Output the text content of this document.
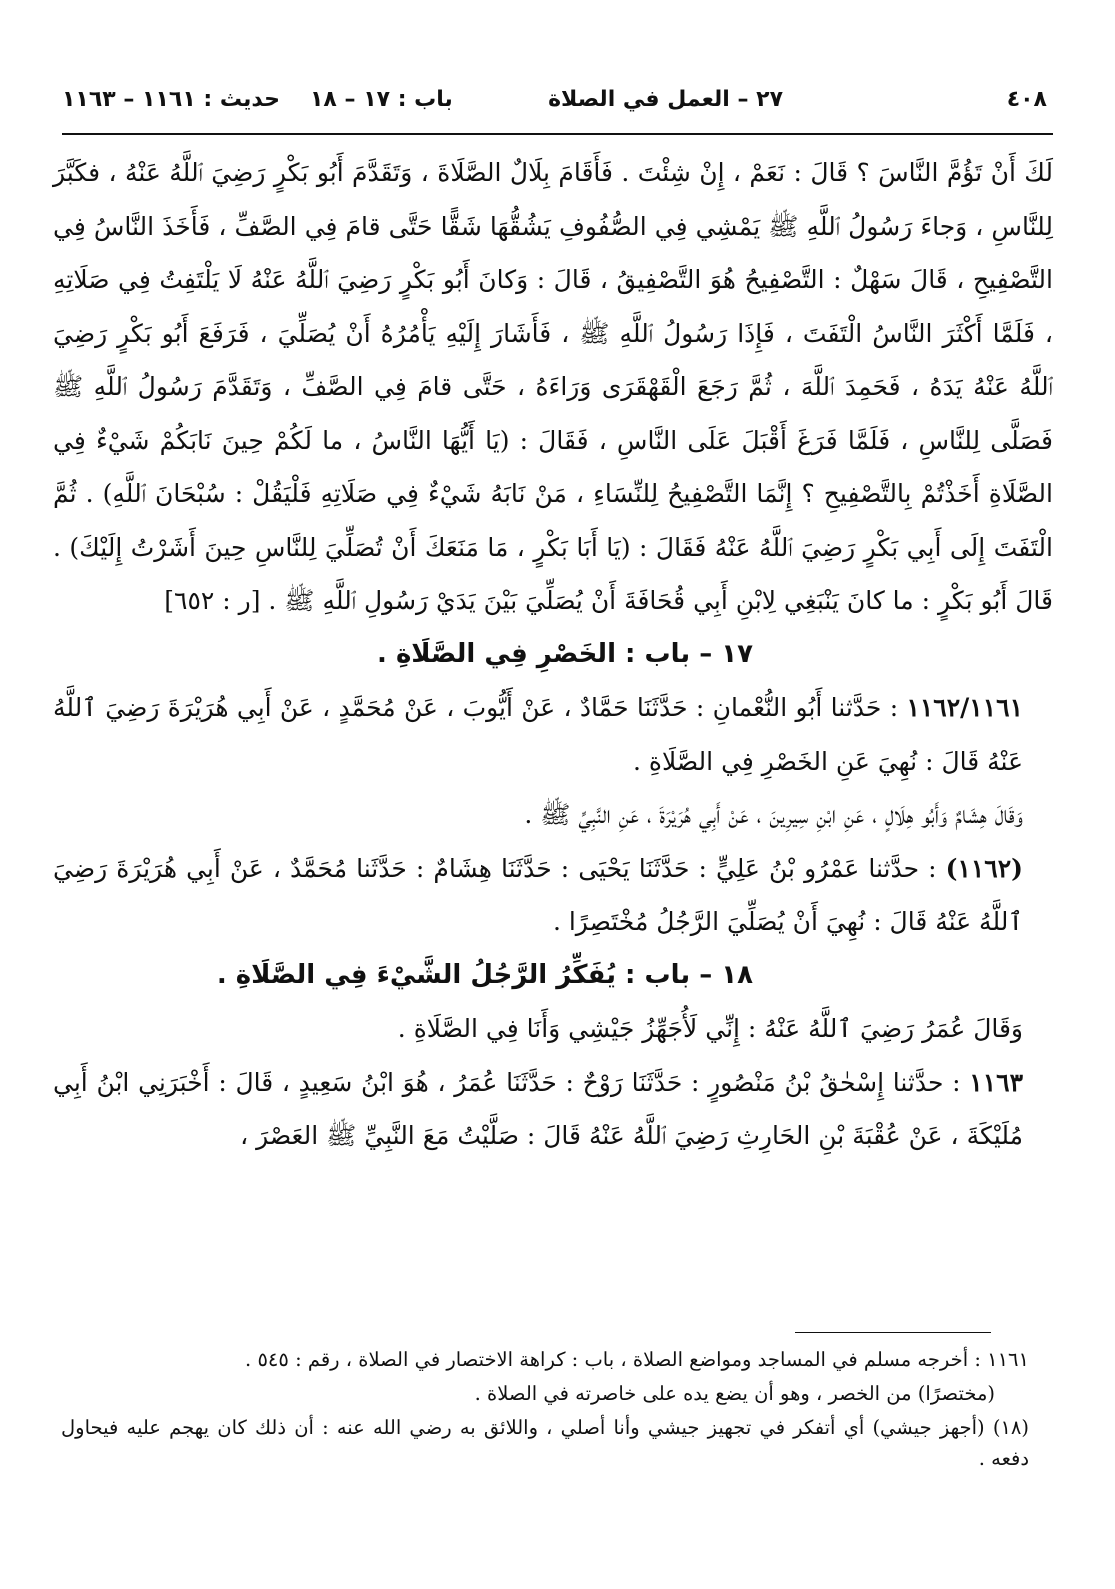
٤٠٨
٢٧ – العمل في الصلاة
باب : ١٧ – ١٨حديث : ١١٦١ – ١١٦٣

لَكَ أَنْ تَؤُمَّ النَّاسَ ؟ قَالَ : نَعَمْ ، إِنْ شِئْتَ . فَأَقَامَ بِلَالٌ الصَّلَاةَ ، وَتَقَدَّمَ أَبُو بَكْرٍ رَضِيَ ٱللَّهُ عَنْهُ ، فكَبَّرَ لِلنَّاسِ ، وَجاءَ رَسُولُ ٱللَّهِ ﷺ يَمْشِي فِي الصُّفُوفِ يَشُقُّهَا شَقًّا حَتَّى قامَ فِي الصَّفِّ ، فَأَخَذَ النَّاسُ فِي التَّصْفِيحِ ، قَالَ سَهْلٌ : التَّصْفِيحُ هُوَ التَّصْفِيقُ ، قَالَ : وَكانَ أَبُو بَكْرٍ رَضِيَ ٱللَّهُ عَنْهُ لَا يَلْتَفِتُ فِي صَلَاتِهِ ، فَلَمَّا أَكْثَرَ النَّاسُ الْتَفَتَ ، فَإِذَا رَسُولُ ٱللَّهِ ﷺ ، فَأَشَارَ إِلَيْهِ يَأْمُرُهُ أَنْ يُصَلِّيَ ، فَرَفَعَ أَبُو بَكْرٍ رَضِيَ ٱللَّهُ عَنْهُ يَدَهُ ، فَحَمِدَ ٱللَّهَ ، ثُمَّ رَجَعَ الْقَهْقَرَى وَرَاءَهُ ، حَتَّى قامَ فِي الصَّفِّ ، وَتَقَدَّمَ رَسُولُ ٱللَّهِ ﷺ فَصَلَّى لِلنَّاسِ ، فَلَمَّا فَرَغَ أَقْبَلَ عَلَى النَّاسِ ، فَقَالَ : (يَا أَيُّهَا النَّاسُ ، ما لَكُمْ حِينَ نَابَكُمْ شَيْءٌ فِي الصَّلَاةِ أَخَذْتُمْ بِالتَّصْفِيحِ ؟ إِنَّمَا التَّصْفِيحُ لِلنِّسَاءِ ، مَنْ نَابَهُ شَيْءٌ فِي صَلَاتِهِ فَلْيَقُلْ : سُبْحَانَ ٱللَّهِ) . ثُمَّ الْتَفَتَ إِلَى أَبِي بَكْرٍ رَضِيَ ٱللَّهُ عَنْهُ فَقَالَ : (يَا أَبَا بَكْرٍ ، مَا مَنَعَكَ أَنْ تُصَلِّيَ لِلنَّاسِ حِينَ أَشَرْتُ إِلَيْكَ) . قَالَ أَبُو بَكْرٍ : ما كانَ يَنْبَغِي لِابْنِ أَبِي قُحَافَةَ أَنْ يُصَلِّيَ بَيْنَ يَدَيْ رَسُولِ ٱللَّهِ ﷺ . [ر : ٦٥٢]

١٧ – باب : الخَصْرِ فِي الصَّلَاةِ .

١١٦٢/١١٦١ : حَدَّثنا أَبُو النُّعْمانِ : حَدَّثَنَا حَمَّادٌ ، عَنْ أَيُّوبَ ، عَنْ مُحَمَّدٍ ، عَنْ أَبِي هُرَيْرَةَ رَضِيَ ٱللَّهُ عَنْهُ قَالَ : نُهِيَ عَنِ الخَصْرِ فِي الصَّلَاةِ .

وَقَالَ هِشَامٌ وَأَبُو هِلَالٍ ، عَنِ ابْنِ سِيرِينَ ، عَنْ أَبِي هُرَيْرَةَ ، عَنِ النَّبِيِّ ﷺ .

(١١٦٢) : حدَّثنا عَمْرُو بْنُ عَلِيٍّ : حَدَّثَنَا يَحْيَى : حَدَّثَنَا هِشَامٌ : حَدَّثَنا مُحَمَّدٌ ، عَنْ أَبِي هُرَيْرَةَ رَضِيَ ٱللَّهُ عَنْهُ قَالَ : نُهِيَ أَنْ يُصَلِّيَ الرَّجُلُ مُخْتَصِرًا .

١٨ – باب : يُفَكِّرُ الرَّجُلُ الشَّيْءَ فِي الصَّلَاةِ .

وَقَالَ عُمَرُ رَضِيَ ٱللَّهُ عَنْهُ : إِنِّي لَأُجَهِّزُ جَيْشِي وَأَنَا فِي الصَّلَاةِ .

١١٦٣ : حدَّثنا إِسْحٰقُ بْنُ مَنْصُورٍ : حَدَّثَنَا رَوْحٌ : حَدَّثَنَا عُمَرُ ، هُوَ ابْنُ سَعِيدٍ ، قَالَ : أَخْبَرَنِي ابْنُ أَبِي مُلَيْكَةَ ، عَنْ عُقْبَةَ بْنِ الحَارِثِ رَضِيَ ٱللَّهُ عَنْهُ قَالَ : صَلَّيْتُ مَعَ النَّبِيِّ ﷺ العَصْرَ ،

١١٦١ : أخرجه مسلم في المساجد ومواضع الصلاة ، باب : كراهة الاختصار في الصلاة ، رقم : ٥٤٥ .

(مختصرًا) من الخصر ، وهو أن يضع يده على خاصرته في الصلاة .

(١٨) (أجهز جيشي) أي أتفكر في تجهيز جيشي وأنا أصلي ، واللائق به رضي الله عنه : أن ذلك كان يهجم عليه فيحاول دفعه .
